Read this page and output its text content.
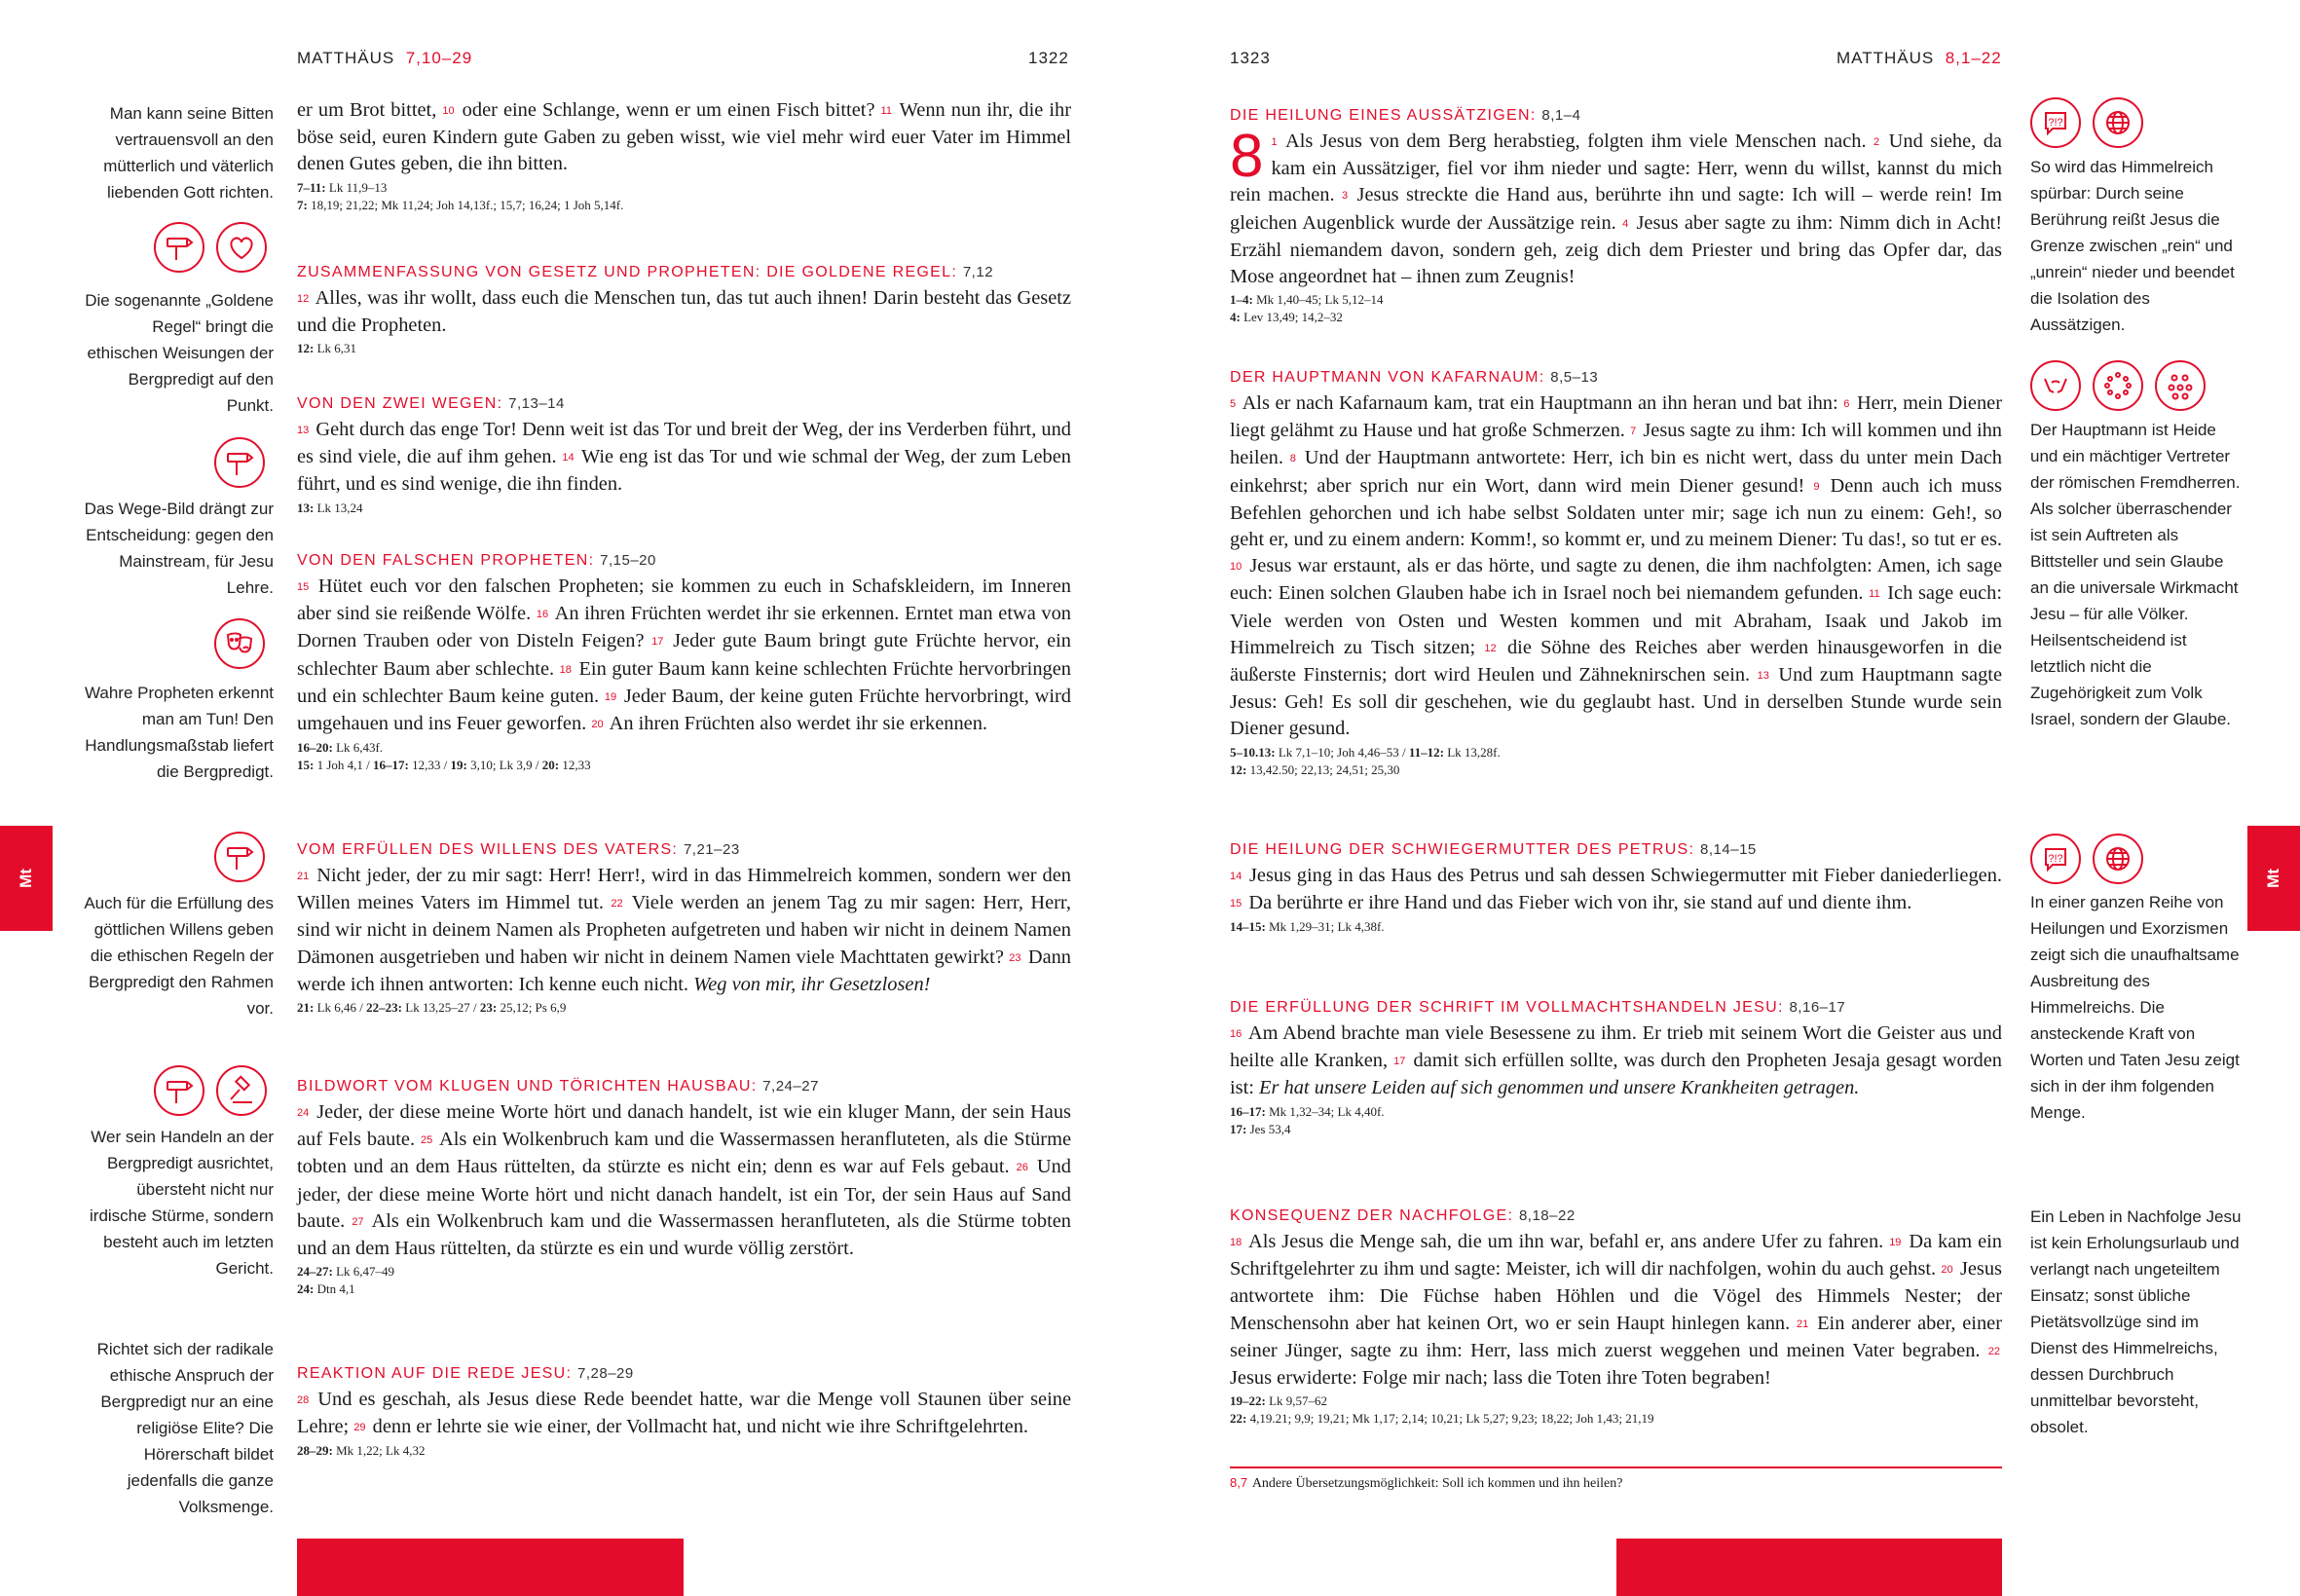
MATTHÄUS 7,10–29	1322
Mt
er um Brot bittet, 10 oder eine Schlange, wenn er um einen Fisch bittet? 11 Wenn nun ihr, die ihr böse seid, euren Kindern gute Gaben zu geben wisst, wie viel mehr wird euer Vater im Himmel denen Gutes geben, die ihn bitten.
7–11: Lk 11,9–13
7: 18,19; 21,22; Mk 11,24; Joh 14,13f.; 15,7; 16,24; 1 Joh 5,14f.
ZUSAMMENFASSUNG VON GESETZ UND PROPHETEN: DIE GOLDENE REGEL: 7,12
12 Alles, was ihr wollt, dass euch die Menschen tun, das tut auch ihnen! Darin besteht das Gesetz und die Propheten.
12: Lk 6,31
VON DEN ZWEI WEGEN: 7,13–14
13 Geht durch das enge Tor! Denn weit ist das Tor und breit der Weg, der ins Verderben führt, und es sind viele, die auf ihm gehen. 14 Wie eng ist das Tor und wie schmal der Weg, der zum Leben führt, und es sind wenige, die ihn finden.
13: Lk 13,24
VON DEN FALSCHEN PROPHETEN: 7,15–20
15 Hütet euch vor den falschen Propheten; sie kommen zu euch in Schafskleidern, im Inneren aber sind sie reißende Wölfe. 16 An ihren Früchten werdet ihr sie erkennen. Erntet man etwa von Dornen Trauben oder von Disteln Feigen? 17 Jeder gute Baum bringt gute Früchte hervor, ein schlechter Baum aber schlechte. 18 Ein guter Baum kann keine schlechten Früchte hervorbringen und ein schlechter Baum keine guten. 19 Jeder Baum, der keine guten Früchte hervorbringt, wird umgehauen und ins Feuer geworfen. 20 An ihren Früchten also werdet ihr sie erkennen.
16–20: Lk 6,43f.
15: 1 Joh 4,1 / 16–17: 12,33 / 19: 3,10; Lk 3,9 / 20: 12,33
VOM ERFÜLLEN DES WILLENS DES VATERS: 7,21–23
21 Nicht jeder, der zu mir sagt: Herr! Herr!, wird in das Himmelreich kommen, sondern wer den Willen meines Vaters im Himmel tut. 22 Viele werden an jenem Tag zu mir sagen: Herr, Herr, sind wir nicht in deinem Namen als Propheten aufgetreten und haben wir nicht in deinem Namen Dämonen ausgetrieben und haben wir nicht in deinem Namen viele Machttaten gewirkt? 23 Dann werde ich ihnen antworten: Ich kenne euch nicht. Weg von mir, ihr Gesetzlosen!
21: Lk 6,46 / 22–23: Lk 13,25–27 / 23: 25,12; Ps 6,9
BILDWORT VOM KLUGEN UND TÖRICHTEN HAUSBAU: 7,24–27
24 Jeder, der diese meine Worte hört und danach handelt, ist wie ein kluger Mann, der sein Haus auf Fels baute. 25 Als ein Wolkenbruch kam und die Wassermassen heranfluteten, als die Stürme tobten und an dem Haus rüttelten, da stürzte es nicht ein; denn es war auf Fels gebaut. 26 Und jeder, der diese meine Worte hört und nicht danach handelt, ist ein Tor, der sein Haus auf Sand baute. 27 Als ein Wolkenbruch kam und die Wassermassen heranfluteten, als die Stürme tobten und an dem Haus rüttelten, da stürzte es ein und wurde völlig zerstört.
24–27: Lk 6,47–49
24: Dtn 4,1
REAKTION AUF DIE REDE JESU: 7,28–29
28 Und es geschah, als Jesus diese Rede beendet hatte, war die Menge voll Staunen über seine Lehre; 29 denn er lehrte sie wie einer, der Vollmacht hat, und nicht wie ihre Schriftgelehrten.
28–29: Mk 1,22; Lk 4,32
Man kann seine Bitten vertrauensvoll an den mütterlich und väterlich liebenden Gott richten.
Die sogenannte „Goldene Regel“ bringt die ethischen Weisungen der Bergpredigt auf den Punkt.
Das Wege-Bild drängt zur Entscheidung: gegen den Mainstream, für Jesu Lehre.
Wahre Propheten erkennt man am Tun! Den Handlungsmaßstab liefert die Bergpredigt.
Auch für die Erfüllung des göttlichen Willens geben die ethischen Regeln der Bergpredigt den Rahmen vor.
Wer sein Handeln an der Bergpredigt ausrichtet, übersteht nicht nur irdische Stürme, sondern besteht auch im letzten Gericht.
Richtet sich der radikale ethische Anspruch der Bergpredigt nur an eine religiöse Elite? Die Hörerschaft bildet jedenfalls die ganze Volksmenge.
1323	MATTHÄUS 8,1–22
Mt
DIE HEILUNG EINES AUSSÄTZIGEN: 8,1–4
8 1 Als Jesus von dem Berg herabstieg, folgten ihm viele Menschen nach. 2 Und siehe, da kam ein Aussätziger, fiel vor ihm nieder und sagte: Herr, wenn du willst, kannst du mich rein machen. 3 Jesus streckte die Hand aus, berührte ihn und sagte: Ich will – werde rein! Im gleichen Augenblick wurde der Aussätzige rein. 4 Jesus aber sagte zu ihm: Nimm dich in Acht! Erzähl niemandem davon, sondern geh, zeig dich dem Priester und bring das Opfer dar, das Mose angeordnet hat – ihnen zum Zeugnis!
1–4: Mk 1,40–45; Lk 5,12–14
4: Lev 13,49; 14,2–32
DER HAUPTMANN VON KAFARNAUM: 8,5–13
5 Als er nach Kafarnaum kam, trat ein Hauptmann an ihn heran und bat ihn: 6 Herr, mein Diener liegt gelähmt zu Hause und hat große Schmerzen. 7 Jesus sagte zu ihm: Ich will kommen und ihn heilen. 8 Und der Hauptmann antwortete: Herr, ich bin es nicht wert, dass du unter mein Dach einkehrst; aber sprich nur ein Wort, dann wird mein Diener gesund! 9 Denn auch ich muss Befehlen gehorchen und ich habe selbst Soldaten unter mir; sage ich nun zu einem: Geh!, so geht er, und zu einem andern: Komm!, so kommt er, und zu meinem Diener: Tu das!, so tut er es. 10 Jesus war erstaunt, als er das hörte, und sagte zu denen, die ihm nachfolgten: Amen, ich sage euch: Einen solchen Glauben habe ich in Israel noch bei niemandem gefunden. 11 Ich sage euch: Viele werden von Osten und Westen kommen und mit Abraham, Isaak und Jakob im Himmelreich zu Tisch sitzen; 12 die Söhne des Reiches aber werden hinausgeworfen in die äußerste Finsternis; dort wird Heulen und Zähneknirschen sein. 13 Und zum Hauptmann sagte Jesus: Geh! Es soll dir geschehen, wie du geglaubt hast. Und in derselben Stunde wurde sein Diener gesund.
5–10.13: Lk 7,1–10; Joh 4,46–53 / 11–12: Lk 13,28f.
12: 13,42.50; 22,13; 24,51; 25,30
DIE HEILUNG DER SCHWIEGERMUTTER DES PETRUS: 8,14–15
14 Jesus ging in das Haus des Petrus und sah dessen Schwiegermutter mit Fieber daniederliegen. 15 Da berührte er ihre Hand und das Fieber wich von ihr, sie stand auf und diente ihm.
14–15: Mk 1,29–31; Lk 4,38f.
DIE ERFÜLLUNG DER SCHRIFT IM VOLLMACHTSHANDELN JESU: 8,16–17
16 Am Abend brachte man viele Besessene zu ihm. Er trieb mit seinem Wort die Geister aus und heilte alle Kranken, 17 damit sich erfüllen sollte, was durch den Propheten Jesaja gesagt worden ist: Er hat unsere Leiden auf sich genommen und unsere Krankheiten getragen.
16–17: Mk 1,32–34; Lk 4,40f.
17: Jes 53,4
KONSEQUENZ DER NACHFOLGE: 8,18–22
18 Als Jesus die Menge sah, die um ihn war, befahl er, ans andere Ufer zu fahren. 19 Da kam ein Schriftgelehrter zu ihm und sagte: Meister, ich will dir nachfolgen, wohin du auch gehst. 20 Jesus antwortete ihm: Die Füchse haben Höhlen und die Vögel des Himmels Nester; der Menschensohn aber hat keinen Ort, wo er sein Haupt hinlegen kann. 21 Ein anderer aber, einer seiner Jünger, sagte zu ihm: Herr, lass mich zuerst weggehen und meinen Vater begraben. 22 Jesus erwiderte: Folge mir nach; lass die Toten ihre Toten begraben!
19–22: Lk 9,57–62
22: 4,19.21; 9,9; 19,21; Mk 1,17; 2,14; 10,21; Lk 5,27; 9,23; 18,22; Joh 1,43; 21,19
8,7 Andere Übersetzungsmöglichkeit: Soll ich kommen und ihn heilen?
?!?
So wird das Himmelreich spürbar: Durch seine Berührung reißt Jesus die Grenze zwischen „rein“ und „unrein“ nieder und beendet die Isolation des Aussätzigen.
Der Hauptmann ist Heide und ein mächtiger Vertreter der römischen Fremdherren. Als solcher überraschender ist sein Auftreten als Bittsteller und sein Glaube an die universale Wirkmacht Jesu – für alle Völker. Heilsentscheidend ist letztlich nicht die Zugehörigkeit zum Volk Israel, sondern der Glaube.
?!?
In einer ganzen Reihe von Heilungen und Exorzismen zeigt sich die unaufhaltsame Ausbreitung des Himmelreichs. Die ansteckende Kraft von Worten und Taten Jesu zeigt sich in der ihm folgenden Menge.
Ein Leben in Nachfolge Jesu ist kein Erholungsurlaub und verlangt nach ungeteiltem Einsatz; sonst übliche Pietätsvollzüge sind im Dienst des Himmelreichs, dessen Durchbruch unmittelbar bevorsteht, obsolet.
